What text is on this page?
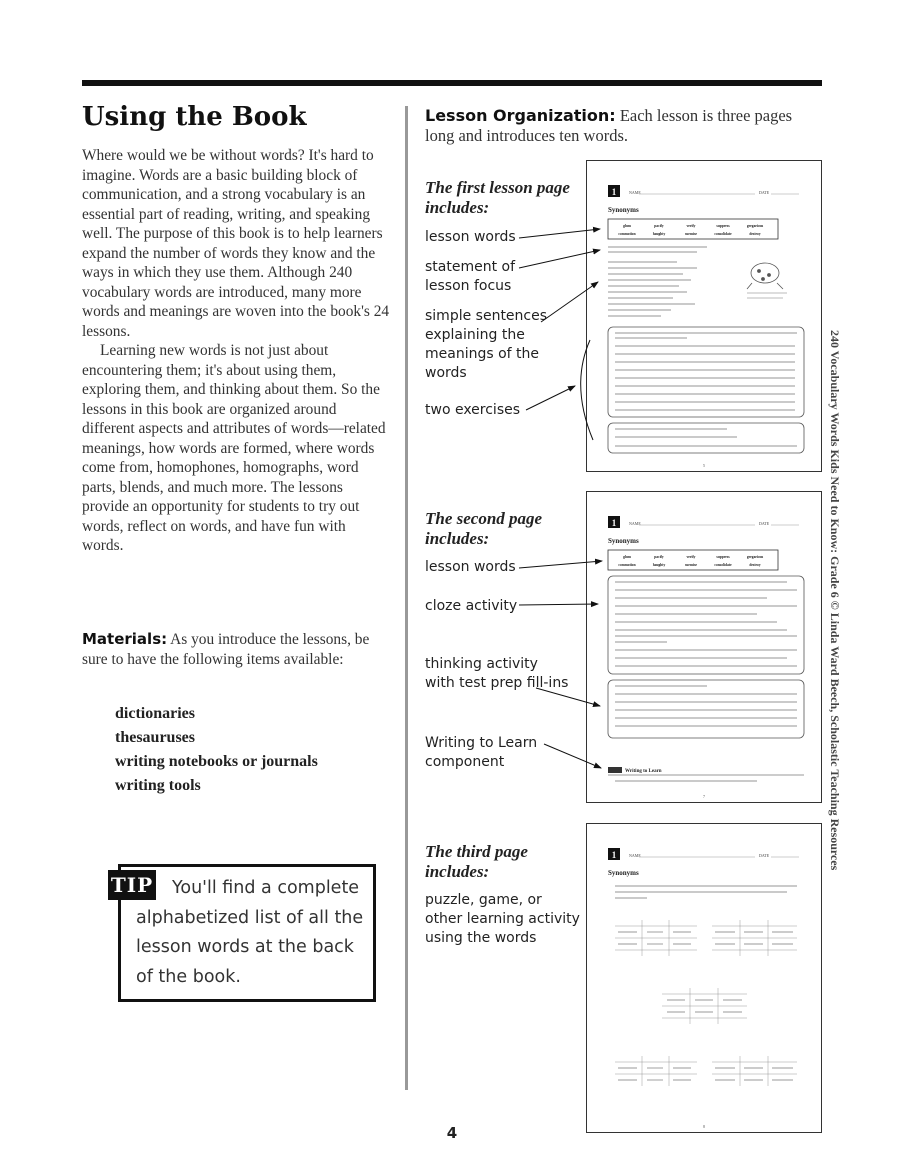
Using the Book

Where would we be without words? It's hard to imagine. Words are a basic building block of communication, and a strong vocabulary is an essential part of reading, writing, and speaking well. The purpose of this book is to help learners expand the number of words they know and the ways in which they use them. Although 240 vocabulary words are introduced, many more words and meanings are woven into the book's 24 lessons.

Learning new words is not just about encountering them; it's about using them, exploring them, and thinking about them. So the lessons in this book are organized around different aspects and attributes of words—related meanings, how words are formed, where words come from, homophones, homographs, word parts, blends, and much more. The lessons provide an opportunity for students to try out words, reflect on words, and have fun with words.

Materials: As you introduce the lessons, be sure to have the following items available:

dictionaries
thesauruses
writing notebooks or journals
writing tools
TIP	You'll find a complete alphabetized list of all the lesson words at the back of the book.

Lesson Organization: Each lesson is three pages long and introduces ten words.

The first lesson page includes:

lesson words

statement of lesson focus

simple sentences explaining the meanings of the words

two exercises

The second page includes:

lesson words

cloze activity

thinking activity with test prep fill-ins

Writing to Learn component

The third page includes:

puzzle, game, or other learning activity using the words

1	NAME	DATE
Synonyms
glum	pacify	verify	suppress	gregarious
commotion	haughty	surmise	consolidate	destroy
5
1	NAME	DATE
Synonyms
glum	pacify	verify	suppress	gregarious
commotion	haughty	surmise	consolidate	destroy
Writing to Learn
7
1	NAME	DATE
Synonyms
8
4
240 Vocabulary Words Kids Need to Know: Grade 6 © Linda Ward Beech, Scholastic Teaching Resources
